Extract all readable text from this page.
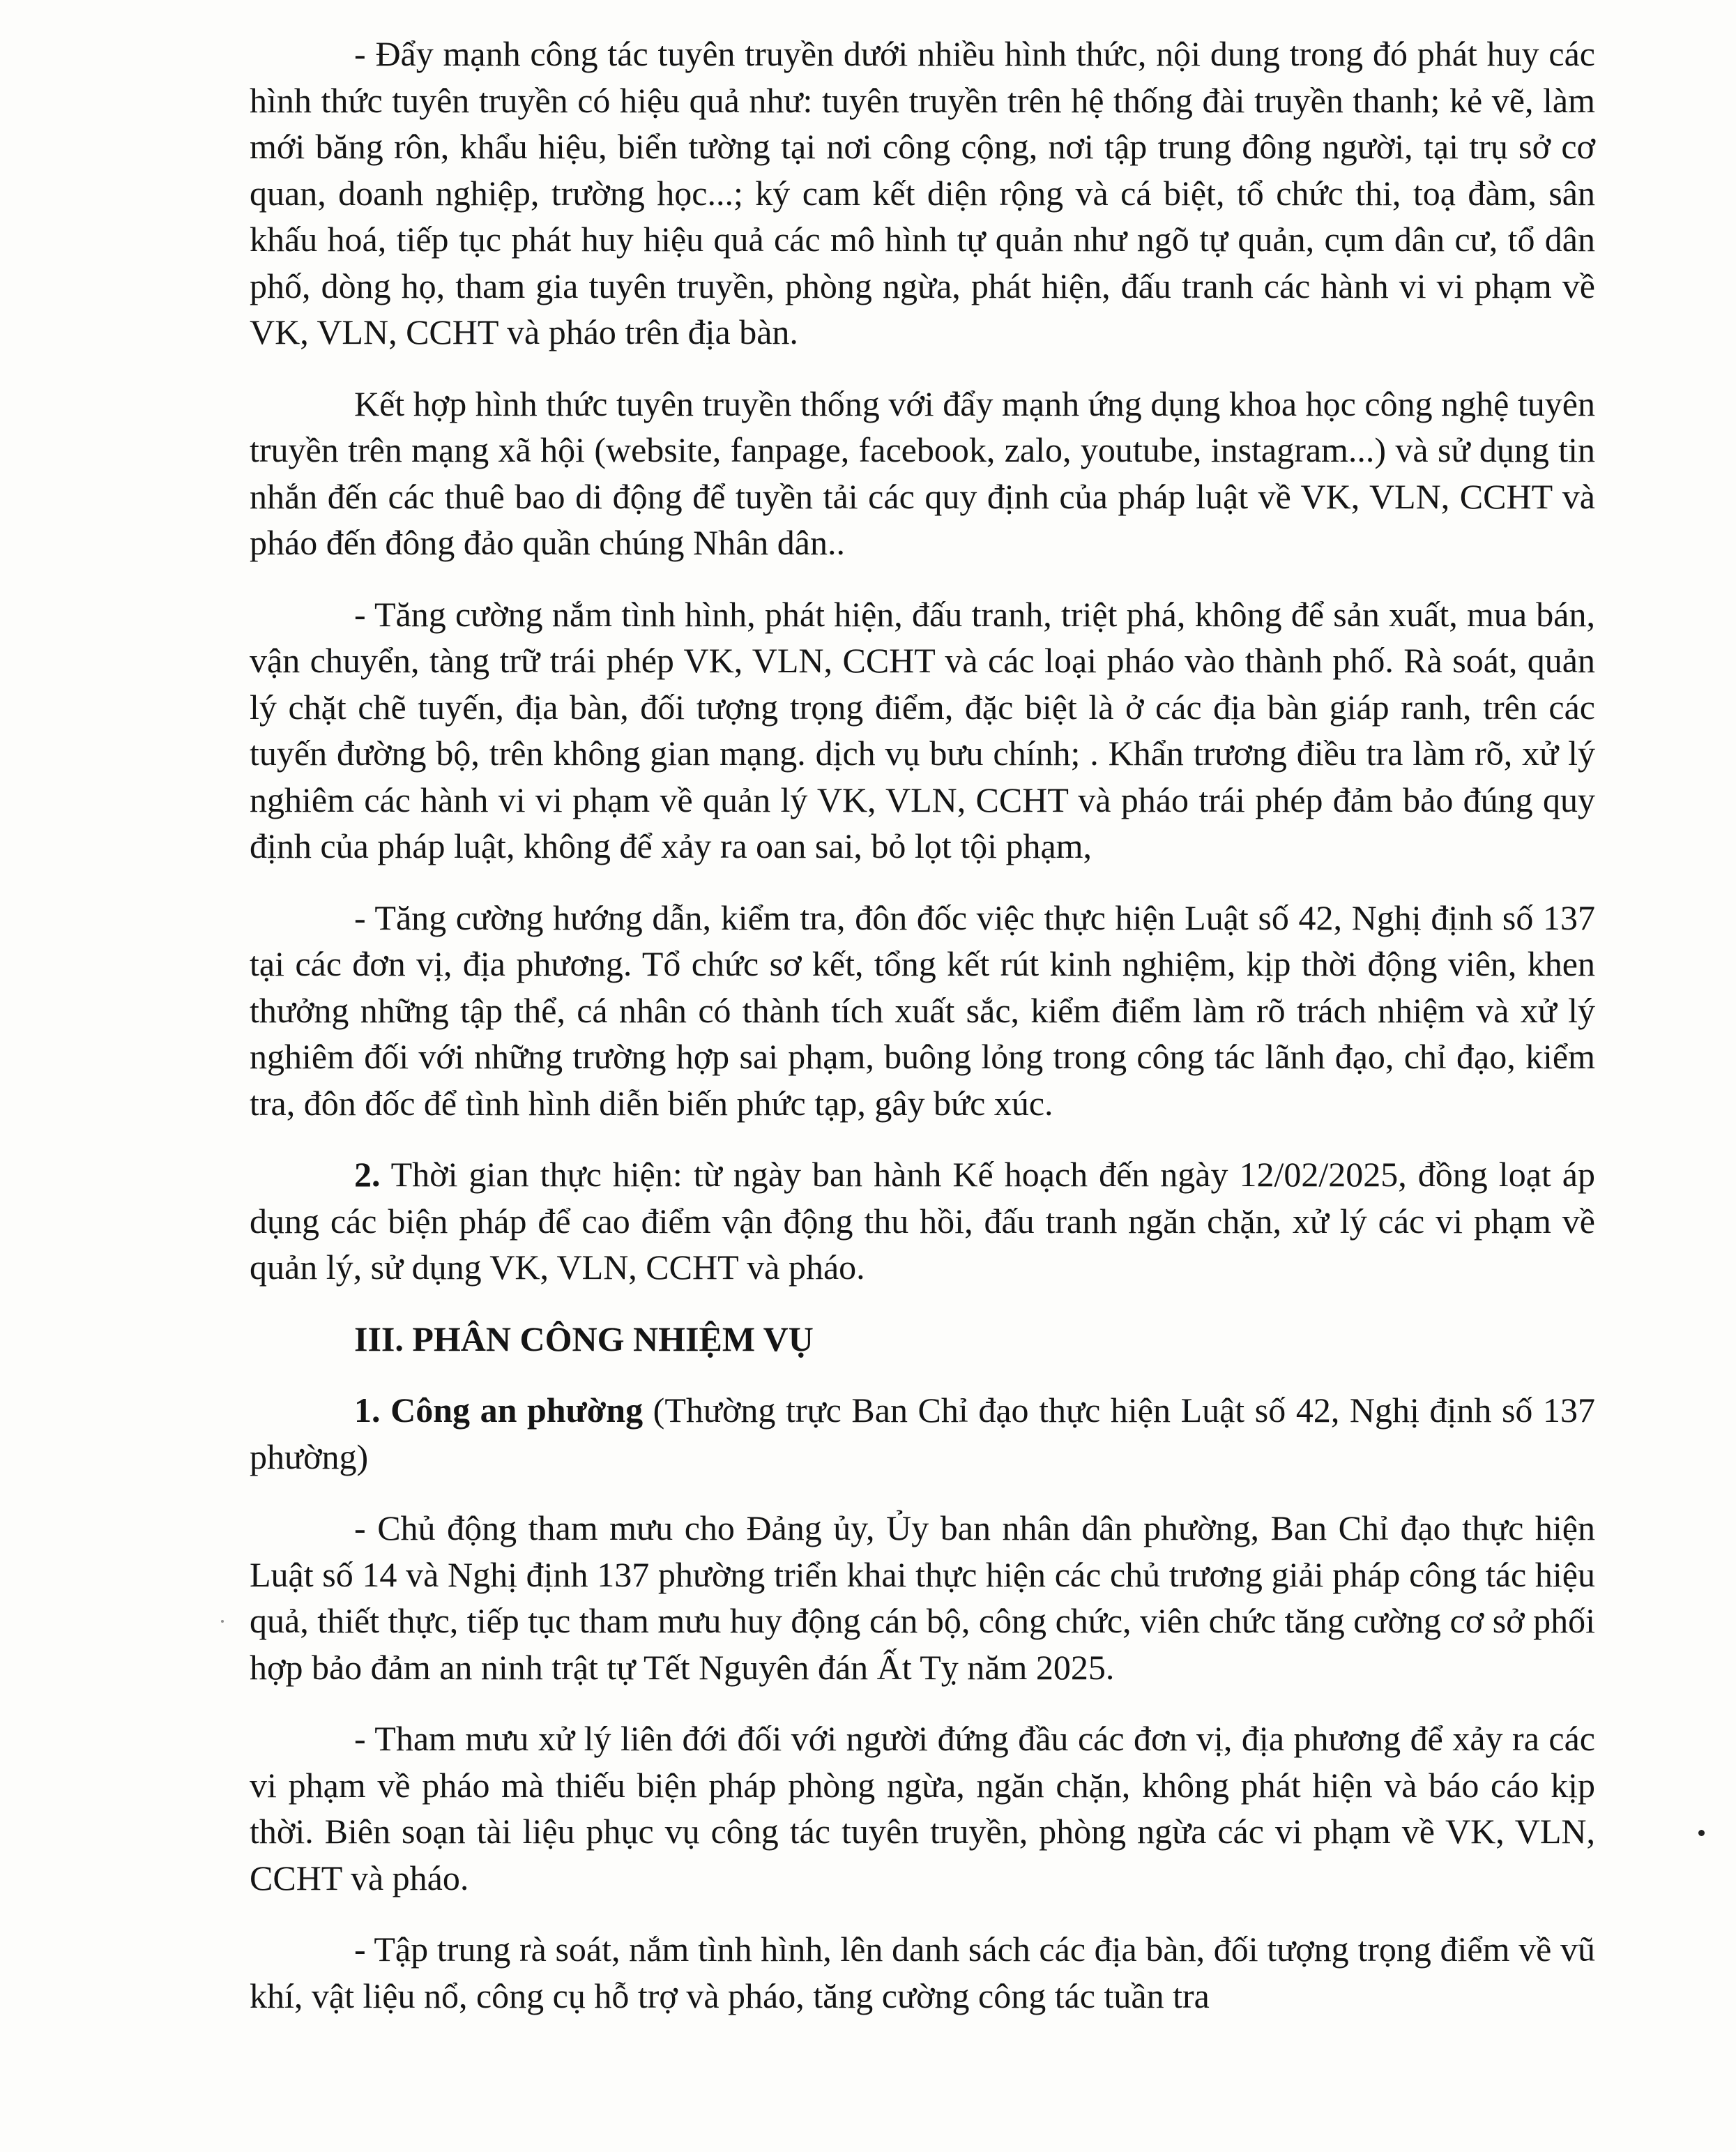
- Đẩy mạnh công tác tuyên truyền dưới nhiều hình thức, nội dung trong đó phát huy các hình thức tuyên truyền có hiệu quả như: tuyên truyền trên hệ thống đài truyền thanh; kẻ vẽ, làm mới băng rôn, khẩu hiệu, biển tường tại nơi công cộng, nơi tập trung đông người, tại trụ sở cơ quan, doanh nghiệp, trường học...; ký cam kết diện rộng và cá biệt, tổ chức thi, toạ đàm, sân khấu hoá, tiếp tục phát huy hiệu quả các mô hình tự quản như ngõ tự quản, cụm dân cư, tổ dân phố, dòng họ, tham gia tuyên truyền, phòng ngừa, phát hiện, đấu tranh các hành vi vi phạm về VK, VLN, CCHT và pháo trên địa bàn.

Kết hợp hình thức tuyên truyền thống với đẩy mạnh ứng dụng khoa học công nghệ tuyên truyền trên mạng xã hội (website, fanpage, facebook, zalo, youtube, instagram...) và sử dụng tin nhắn đến các thuê bao di động để tuyền tải các quy định của pháp luật về VK, VLN, CCHT và pháo đến đông đảo quần chúng Nhân dân..

- Tăng cường nắm tình hình, phát hiện, đấu tranh, triệt phá, không để sản xuất, mua bán, vận chuyển, tàng trữ trái phép VK, VLN, CCHT và các loại pháo vào thành phố. Rà soát, quản lý chặt chẽ tuyến, địa bàn, đối tượng trọng điểm, đặc biệt là ở các địa bàn giáp ranh, trên các tuyến đường bộ, trên không gian mạng. dịch vụ bưu chính; . Khẩn trương điều tra làm rõ, xử lý nghiêm các hành vi vi phạm về quản lý VK, VLN, CCHT và pháo trái phép đảm bảo đúng quy định của pháp luật, không để xảy ra oan sai, bỏ lọt tội phạm,

- Tăng cường hướng dẫn, kiểm tra, đôn đốc việc thực hiện Luật số 42, Nghị định số 137 tại các đơn vị, địa phương. Tổ chức sơ kết, tổng kết rút kinh nghiệm, kịp thời động viên, khen thưởng những tập thể, cá nhân có thành tích xuất sắc, kiểm điểm làm rõ trách nhiệm và xử lý nghiêm đối với những trường hợp sai phạm, buông lỏng trong công tác lãnh đạo, chỉ đạo, kiểm tra, đôn đốc để tình hình diễn biến phức tạp, gây bức xúc.

2. Thời gian thực hiện: từ ngày ban hành Kế hoạch đến ngày 12/02/2025, đồng loạt áp dụng các biện pháp để cao điểm vận động thu hồi, đấu tranh ngăn chặn, xử lý các vi phạm về quản lý, sử dụng VK, VLN, CCHT và pháo.

III. PHÂN CÔNG NHIỆM VỤ

1. Công an phường (Thường trực Ban Chỉ đạo thực hiện Luật số 42, Nghị định số 137 phường)

- Chủ động tham mưu cho Đảng ủy, Ủy ban nhân dân phường, Ban Chỉ đạo thực hiện Luật số 14 và Nghị định 137 phường triển khai thực hiện các chủ trương giải pháp công tác hiệu quả, thiết thực, tiếp tục tham mưu huy động cán bộ, công chức, viên chức tăng cường cơ sở phối hợp bảo đảm an ninh trật tự Tết Nguyên đán Ất Tỵ năm 2025.

- Tham mưu xử lý liên đới đối với người đứng đầu các đơn vị, địa phương để xảy ra các vi phạm về pháo mà thiếu biện pháp phòng ngừa, ngăn chặn, không phát hiện và báo cáo kịp thời. Biên soạn tài liệu phục vụ công tác tuyên truyền, phòng ngừa các vi phạm về VK, VLN, CCHT và pháo.

- Tập trung rà soát, nắm tình hình, lên danh sách các địa bàn, đối tượng trọng điểm về vũ khí, vật liệu nổ, công cụ hỗ trợ và pháo, tăng cường công tác tuần tra
